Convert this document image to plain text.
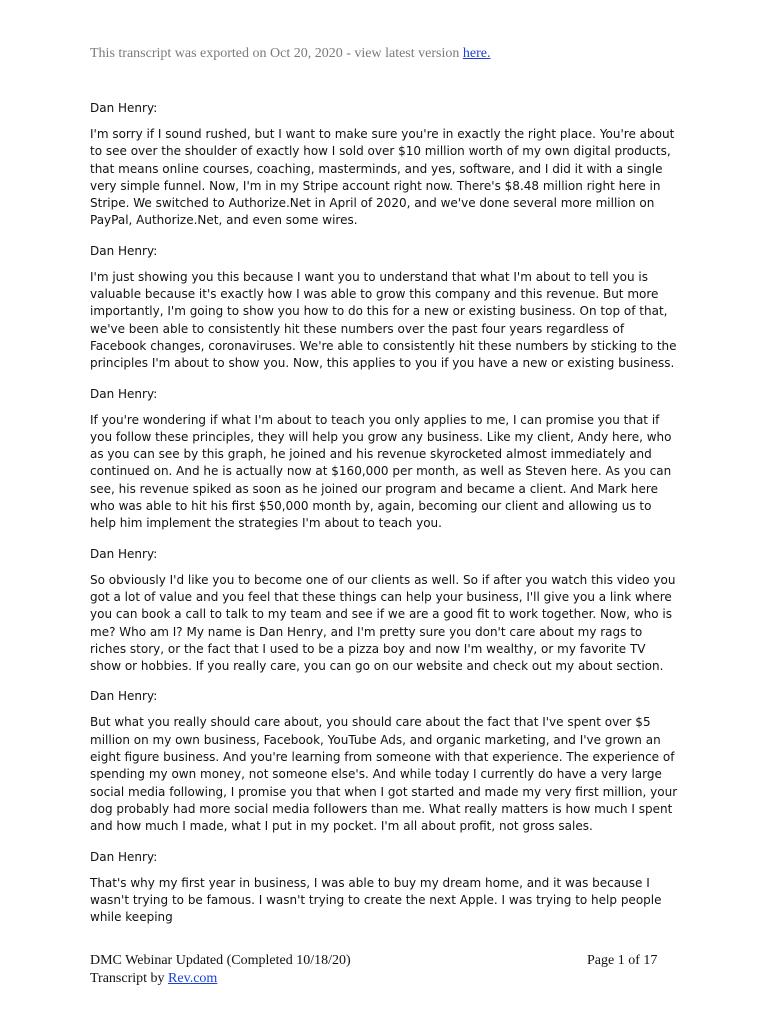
This transcript was exported on Oct 20, 2020 - view latest version here.

Dan Henry:

I'm sorry if I sound rushed, but I want to make sure you're in exactly the right place. You're about to see over the shoulder of exactly how I sold over $10 million worth of my own digital products, that means online courses, coaching, masterminds, and yes, software, and I did it with a single very simple funnel. Now, I'm in my Stripe account right now. There's $8.48 million right here in Stripe. We switched to Authorize.Net in April of 2020, and we've done several more million on PayPal, Authorize.Net, and even some wires.

Dan Henry:

I'm just showing you this because I want you to understand that what I'm about to tell you is valuable because it's exactly how I was able to grow this company and this revenue. But more importantly, I'm going to show you how to do this for a new or existing business. On top of that, we've been able to consistently hit these numbers over the past four years regardless of Facebook changes, coronaviruses. We're able to consistently hit these numbers by sticking to the principles I'm about to show you. Now, this applies to you if you have a new or existing business.

Dan Henry:

If you're wondering if what I'm about to teach you only applies to me, I can promise you that if you follow these principles, they will help you grow any business. Like my client, Andy here, who as you can see by this graph, he joined and his revenue skyrocketed almost immediately and continued on. And he is actually now at $160,000 per month, as well as Steven here. As you can see, his revenue spiked as soon as he joined our program and became a client. And Mark here who was able to hit his first $50,000 month by, again, becoming our client and allowing us to help him implement the strategies I'm about to teach you.

Dan Henry:

So obviously I'd like you to become one of our clients as well. So if after you watch this video you got a lot of value and you feel that these things can help your business, I'll give you a link where you can book a call to talk to my team and see if we are a good fit to work together. Now, who is me? Who am I? My name is Dan Henry, and I'm pretty sure you don't care about my rags to riches story, or the fact that I used to be a pizza boy and now I'm wealthy, or my favorite TV show or hobbies. If you really care, you can go on our website and check out my about section.

Dan Henry:

But what you really should care about, you should care about the fact that I've spent over $5 million on my own business, Facebook, YouTube Ads, and organic marketing, and I've grown an eight figure business. And you're learning from someone with that experience. The experience of spending my own money, not someone else's. And while today I currently do have a very large social media following, I promise you that when I got started and made my very first million, your dog probably had more social media followers than me. What really matters is how much I spent and how much I made, what I put in my pocket. I'm all about profit, not gross sales.

Dan Henry:

That's why my first year in business, I was able to buy my dream home, and it was because I wasn't trying to be famous. I wasn't trying to create the next Apple. I was trying to help people while keeping

DMC Webinar Updated (Completed 10/18/20)
Transcript by Rev.com
Page 1 of 17
